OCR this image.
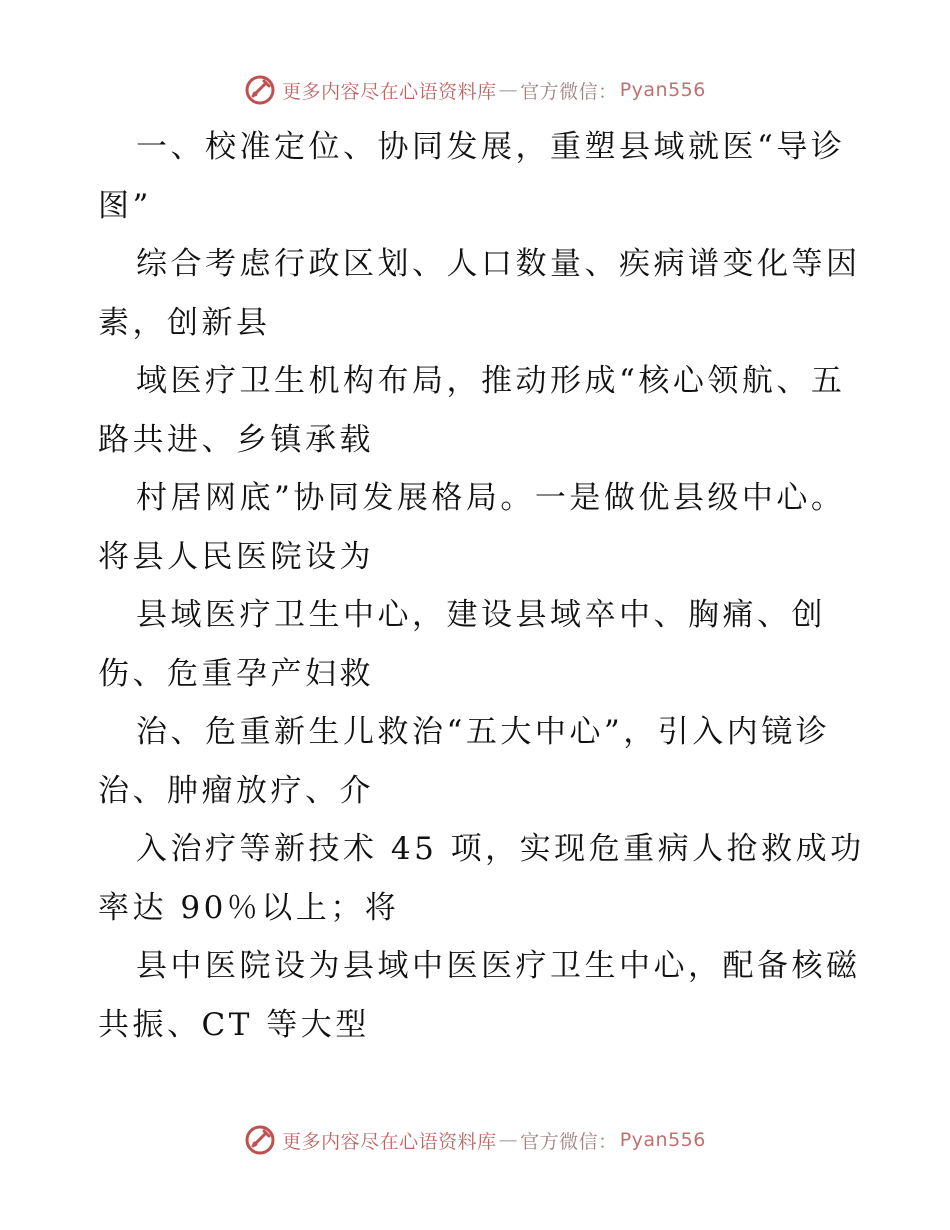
更多内容尽在心语资料库 — 官方微信： Pyan556
一、校准定位、协同发展，重塑县域就医“导诊
图”
综合考虑行政区划、人口数量、疾病谱变化等因
素，创新县
域医疗卫生机构布局，推动形成“核心领航、五
路共进、乡镇承载
村居网底”协同发展格局。一是做优县级中心。
将县人民医院设为
县域医疗卫生中心，建设县域卒中、胸痛、创
伤、危重孕产妇救
治、危重新生儿救治“五大中心”，引入内镜诊
治、肿瘤放疗、介
入治疗等新技术 45 项，实现危重病人抢救成功
率达 90％以上；将
县中医院设为县域中医医疗卫生中心，配备核磁
共振、CT 等大型
更多内容尽在心语资料库 — 官方微信： Pyan556
